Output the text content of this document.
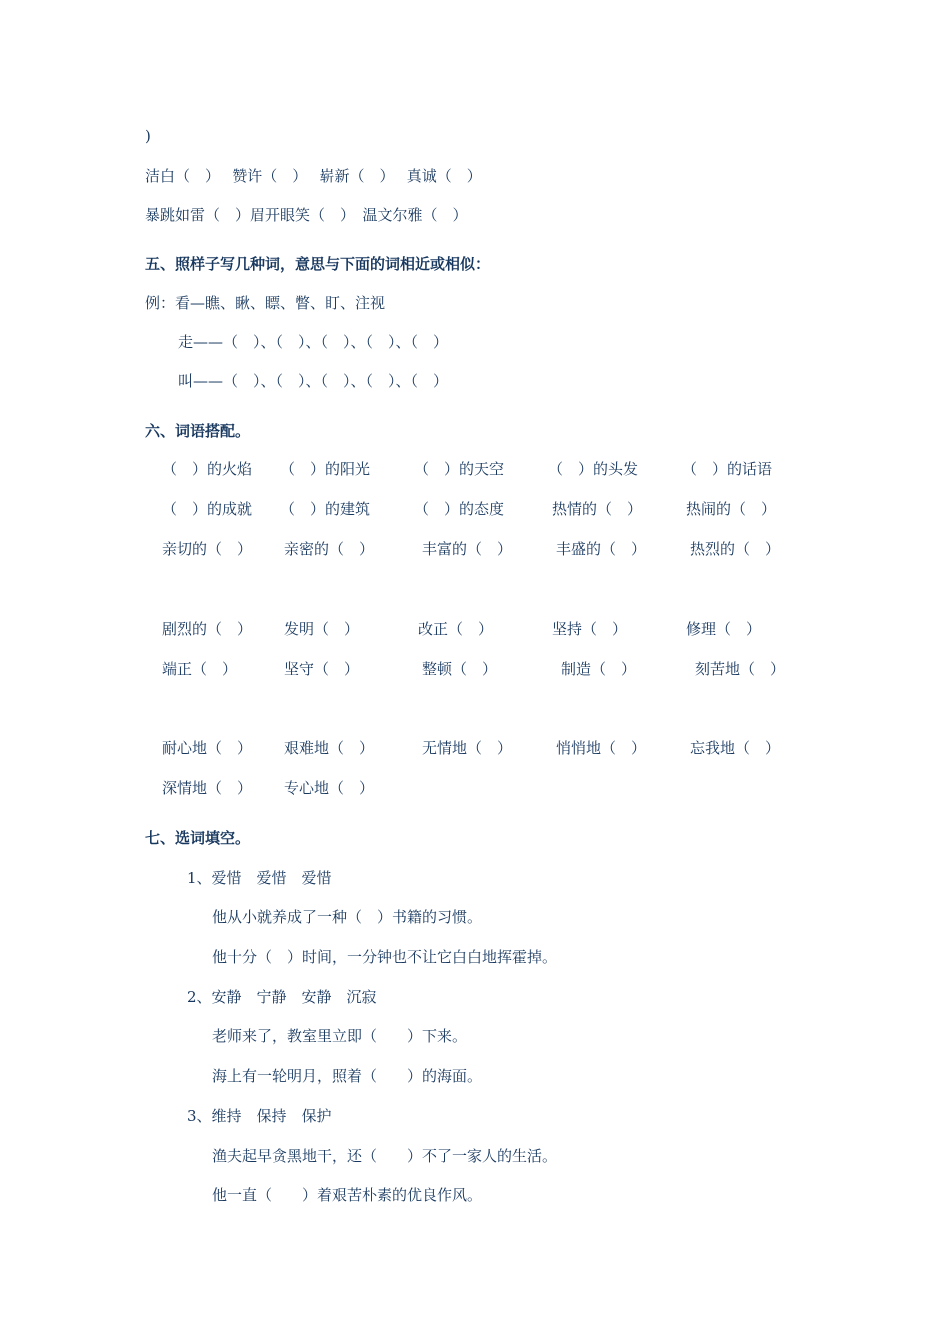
)
洁白（　）　 赞许（　）　 崭新（　）　 真诚（　）
暴跳如雷（　）眉开眼笑（　）　温文尔雅（　）
五、照样子写几种词，意思与下面的词相近或相似：
例：看—瞧、瞅、瞟、瞥、盯、注视
走——（　）、（　）、（　）、（　）、（　）
叫——（　）、（　）、（　）、（　）、（　）
六、词语搭配。
（　）的火焰 （　）的阳光	（　）的天空	（　）的头发	（　）的话语
（　）的成就 （　）的建筑	（　）的态度	热情的（　）	热闹的（　）
亲切的（　） 亲密的（　）	丰富的（　）	丰盛的（　）	热烈的（　）
剧烈的（　） 发明（　）	改正（　）	坚持（　）	修理（　）
端正（　）	坚守（　）	整顿（　）	制造（　）	刻苦地（　）
耐心地（　） 艰难地（　）	无情地（　）	悄悄地（　）	忘我地（　）
深情地（　） 专心地（　）
七、选词填空。
1、爱惜　爱惜　爱惜
他从小就养成了一种（　）书籍的习惯。
他十分（　）时间，一分钟也不让它白白地挥霍掉。
2、安静　宁静　安静　沉寂
老师来了，教室里立即（　　）下来。
海上有一轮明月，照着（　　）的海面。
3、维持　保持　保护
渔夫起早贪黑地干，还（　　）不了一家人的生活。
他一直（　　）着艰苦朴素的优良作风。
